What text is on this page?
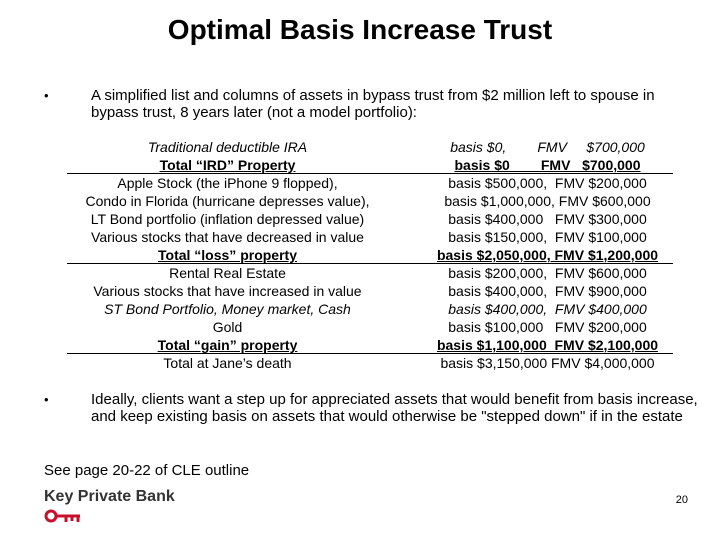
Optimal Basis Increase Trust
•	A simplified list and columns of assets in bypass trust from $2 million left to spouse in bypass trust, 8 years later (not a model portfolio):
Traditional deductible IRA	basis $0,        FMV     $700,000
Total “IRD” Property	basis $0        FMV   $700,000
Apple Stock (the iPhone 9 flopped),	basis $500,000,  FMV $200,000
Condo in Florida (hurricane depresses value),	basis $1,000,000, FMV $600,000
LT Bond portfolio (inflation depressed value)	basis $400,000   FMV $300,000
Various stocks that have decreased in value	basis $150,000,  FMV $100,000
Total “loss” property	basis $2,050,000, FMV $1,200,000
Rental Real Estate	basis $200,000,  FMV $600,000
Various stocks that have increased in value	basis $400,000,  FMV $900,000
ST Bond Portfolio, Money market, Cash	basis $400,000,  FMV $400,000
Gold	basis $100,000   FMV $200,000
Total “gain” property	basis $1,100,000  FMV $2,100,000
Total at Jane’s death	basis $3,150,000 FMV $4,000,000
•	Ideally, clients want a step up for appreciated assets that would benefit from basis increase, and keep existing basis on assets that would otherwise be "stepped down" if in the estate
See page 20-22 of CLE outline
Key Private Bank	20
